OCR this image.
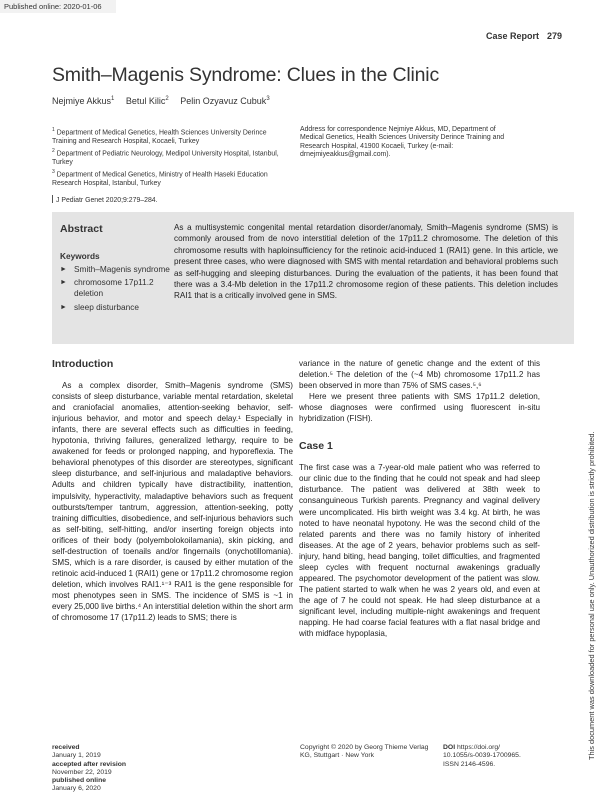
Published online: 2020-01-06
Case Report 279
Smith–Magenis Syndrome: Clues in the Clinic
Nejmiye Akkus$^1$ Betul Kilic$^2$ Pelin Ozyavuz Cubuk$^3$

$^1$ Department of Medical Genetics, Health Sciences University Derince Training and Research Hospital, Kocaeli, Turkey

$^2$ Department of Pediatric Neurology, Medipol University Hospital, Istanbul, Turkey

$^3$ Department of Medical Genetics, Ministry of Health Haseki Education Research Hospital, Istanbul, Turkey

Address for correspondence Nejmiye Akkus, MD, Department of Medical Genetics, Health Sciences University Derince Training and Research Hospital, 41900 Kocaeli, Turkey (e-mail: drnejmiyeakkus@gmail.com).
J Pediatr Genet 2020;9:279–284.
Abstract
Keywords
► Smith–Magenis syndrome
► chromosome 17p11.2 deletion
► sleep disturbance
As a multisystemic congenital mental retardation disorder/anomaly, Smith–Magenis syndrome (SMS) is commonly aroused from de novo interstitial deletion of the 17p11.2 chromosome. The deletion of this chromosome results with haploinsufficiency for the retinoic acid-induced 1 (RAI1) gene. In this article, we present three cases, who were diagnosed with SMS with mental retardation and behavioral problems such as self-hugging and sleeping disturbances. During the evaluation of the patients, it has been found that there was a 3.4-Mb deletion in the 17p11.2 chromosome region of these patients. This deletion includes RAI1 that is a critically involved gene in SMS.
Introduction

As a complex disorder, Smith–Magenis syndrome (SMS) consists of sleep disturbance, variable mental retardation, skeletal and craniofacial anomalies, attention-seeking behavior, self-injurious behavior, and motor and speech delay.¹ Especially in infants, there are several effects such as difficulties in feeding, hypotonia, thriving failures, generalized lethargy, require to be awakened for feeds or prolonged napping, and hyporeflexia. The behavioral phenotypes of this disorder are stereotypes, significant sleep disturbance, and self-injurious and maladaptive behaviors. Adults and children typically have distractibility, inattention, impulsivity, hyperactivity, maladaptive behaviors such as frequent outbursts/temper tantrum, aggression, attention-seeking, potty training difficulties, disobedience, and self-injurious behaviors such as self-biting, self-hitting, and/or inserting foreign objects into orifices of their body (polyembolokoilamania), skin picking, and self-destruction of toenails and/or fingernails (onychotillomania). SMS, which is a rare disorder, is caused by either mutation of the retinoic acid-induced 1 (RAI1) gene or 17p11.2 chromosome region deletion, which involves RAI1.¹⁻³ RAI1 is the gene responsible for most phenotypes seen in SMS. The incidence of SMS is ~1 in every 25,000 live births.⁴ An interstitial deletion within the short arm of chromosome 17 (17p11.2) leads to SMS; there is

variance in the nature of genetic change and the extent of this deletion.⁵ The deletion of the (~4 Mb) chromosome 17p11.2 has been observed in more than 75% of SMS cases.⁵,⁶

Here we present three patients with SMS 17p11.2 deletion, whose diagnoses were confirmed using fluorescent in-situ hybridization (FISH).

Case 1

The first case was a 7-year-old male patient who was referred to our clinic due to the finding that he could not speak and had sleep disturbance. The patient was delivered at 38th week to consanguineous Turkish parents. Pregnancy and vaginal delivery were uncomplicated. His birth weight was 3.4 kg. At birth, he was noted to have neonatal hypotony. He was the second child of the related parents and there was no family history of inherited diseases. At the age of 2 years, behavior problems such as self-injury, hand biting, head banging, toilet difficulties, and fragmented sleep cycles with frequent nocturnal awakenings gradually appeared. The psychomotor development of the patient was slow. The patient started to walk when he was 2 years old, and even at the age of 7 he could not speak. He had sleep disturbance at a significant level, including multiple-night awakenings and frequent napping. He had coarse facial features with a flat nasal bridge and with midface hypoplasia,

received
January 1, 2019
accepted after revision
November 22, 2019
published online
January 6, 2020
Copyright © 2020 by Georg Thieme Verlag KG, Stuttgart · New York
DOI https://doi.org/
10.1055/s-0039-1700965.
ISSN 2146-4596.
This document was downloaded for personal use only. Unauthorized distribution is strictly prohibited.
